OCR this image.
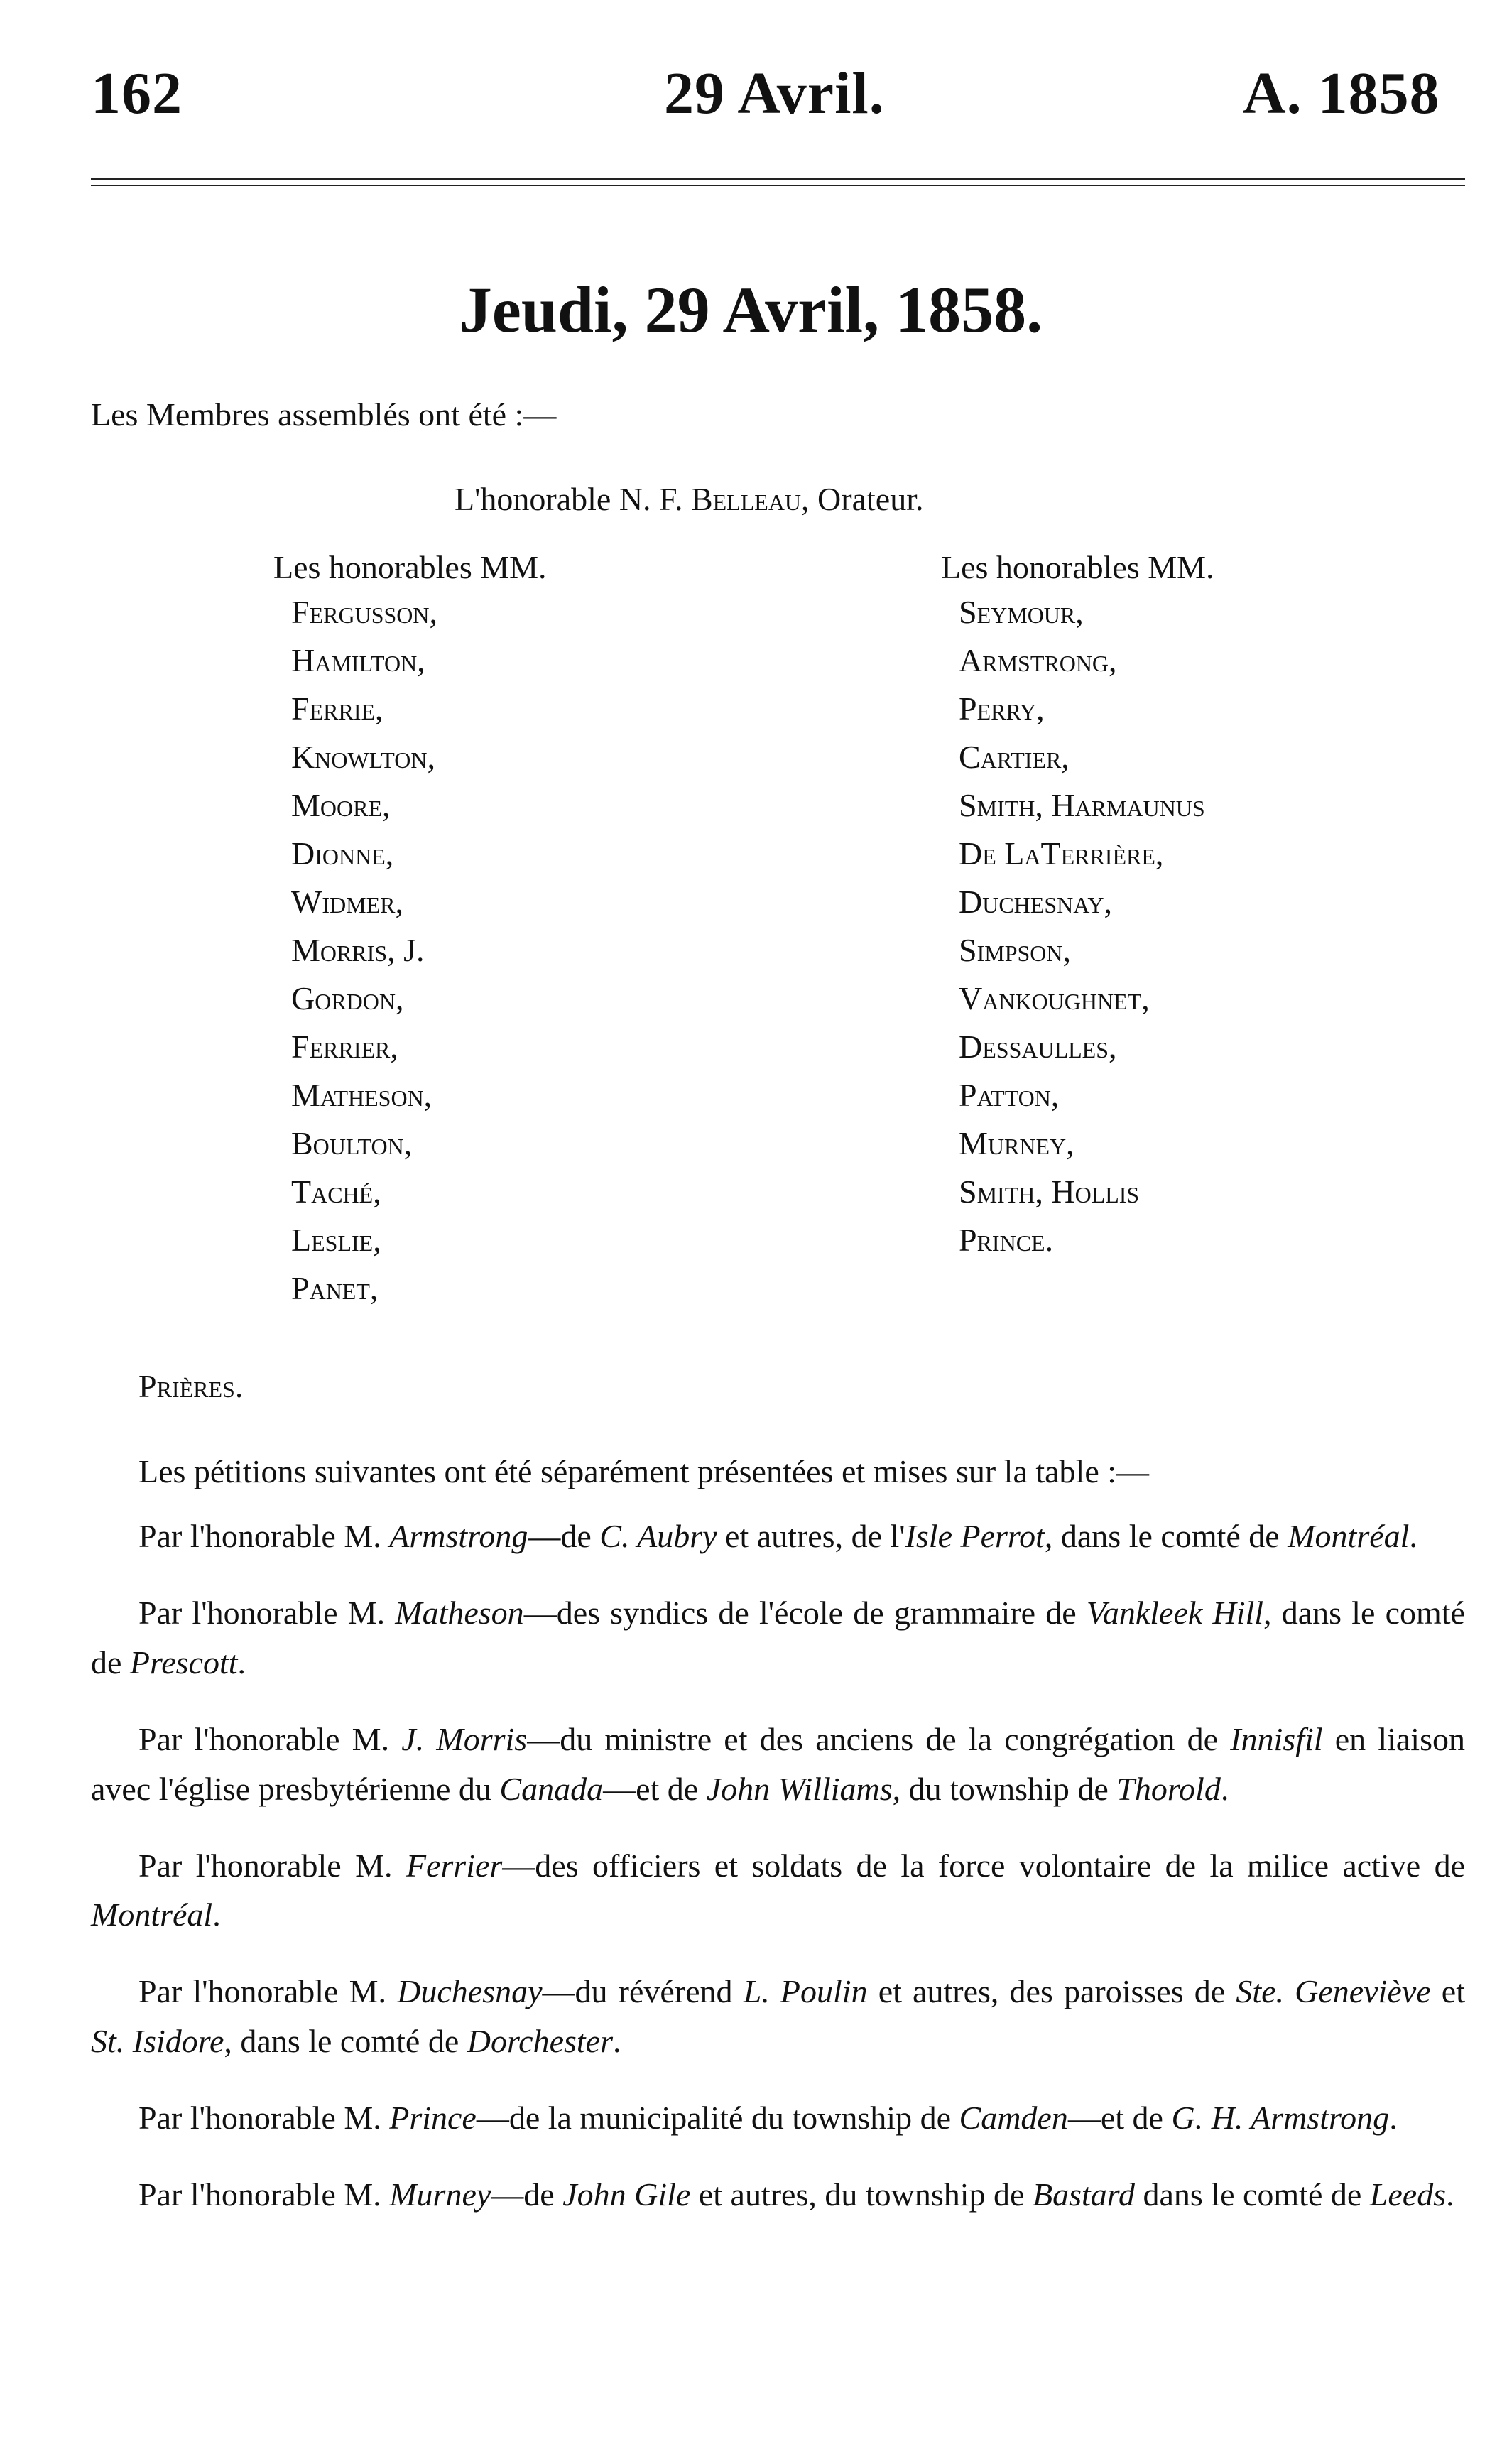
162	29 Avril.	A. 1858
Jeudi, 29 Avril, 1858.
Les Membres assemblés ont été :—
L'honorable N. F. Belleau, Orateur.
Les honorables MM.
Fergusson,
Hamilton,
Ferrie,
Knowlton,
Moore,
Dionne,
Widmer,
Morris, J.
Gordon,
Ferrier,
Matheson,
Boulton,
Taché,
Leslie,
Panet,
Les honorables MM.
Seymour,
Armstrong,
Perry,
Cartier,
Smith, Harmaunus
De LaTerrière,
Duchesnay,
Simpson,
Vankoughnet,
Dessaulles,
Patton,
Murney,
Smith, Hollis
Prince.
Prières.
Les pétitions suivantes ont été séparément présentées et mises sur la table :—

Par l'honorable M. Armstrong—de C. Aubry et autres, de l'Isle Perrot, dans le comté de Montréal.

Par l'honorable M. Matheson—des syndics de l'école de grammaire de Vankleek Hill, dans le comté de Prescott.

Par l'honorable M. J. Morris—du ministre et des anciens de la congrégation de Innisfil en liaison avec l'église presbytérienne du Canada—et de John Williams, du township de Thorold.

Par l'honorable M. Ferrier—des officiers et soldats de la force volontaire de la milice active de Montréal.

Par l'honorable M. Duchesnay—du révérend L. Poulin et autres, des paroisses de Ste. Geneviève et St. Isidore, dans le comté de Dorchester.

Par l'honorable M. Prince—de la municipalité du township de Camden—et de G. H. Armstrong.

Par l'honorable M. Murney—de John Gile et autres, du township de Bastard dans le comté de Leeds.
